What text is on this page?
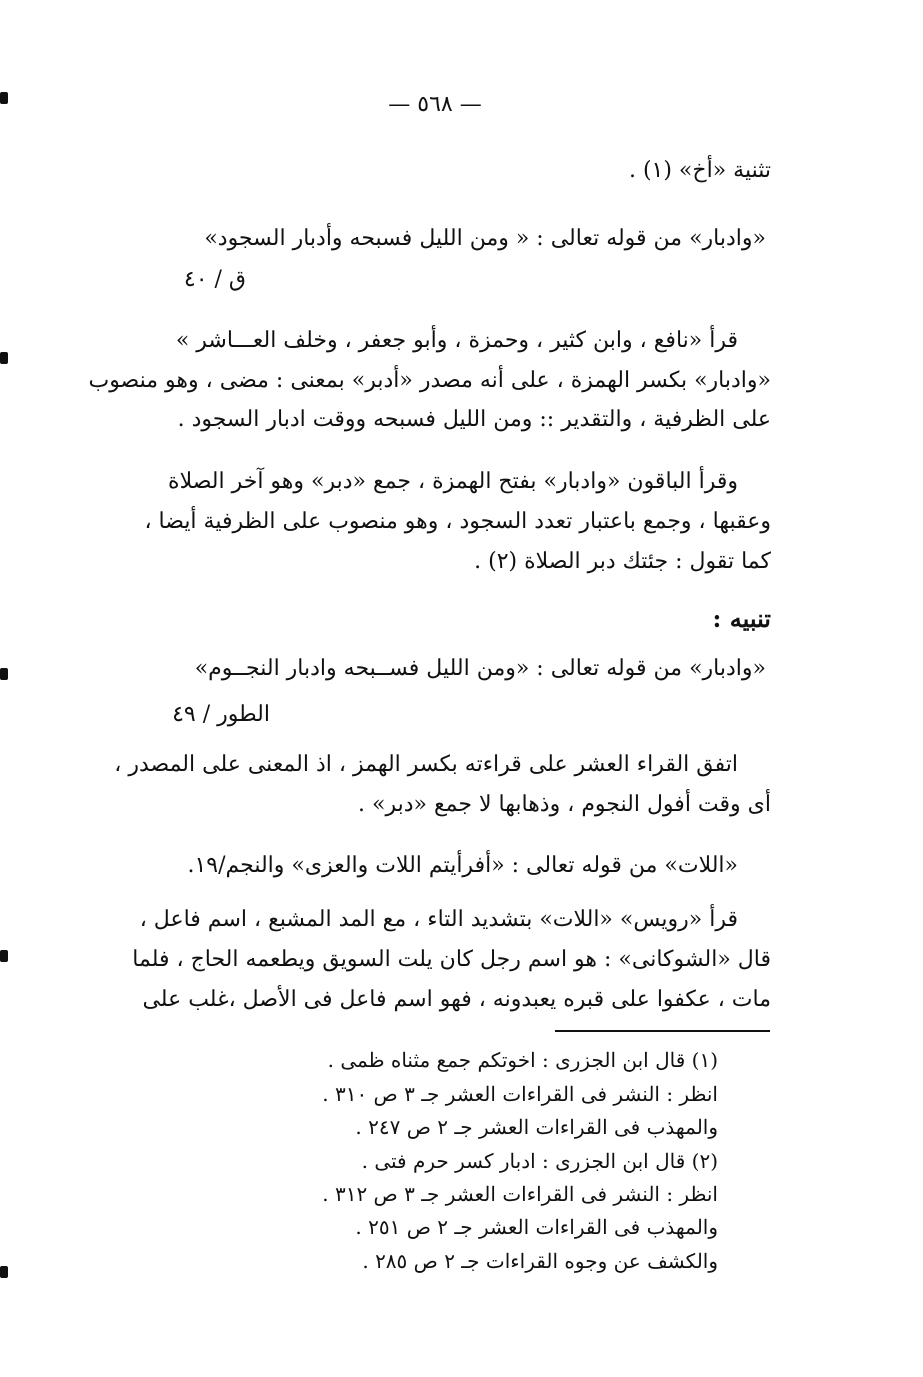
— ٥٦٨ —
تثنية «أخ» (١) .
«وادبار» من قوله تعالى : « ومن الليل فسبحه وأدبار السجود»
ق / ٤٠
قرأ «نافع ، وابن كثير ، وحمزة ، وأبو جعفر ، وخلف العـــاشر »
«وادبار» بكسر الهمزة ، على أنه مصدر «أدبر» بمعنى : مضى ، وهو منصوب
على الظرفية ، والتقدير :: ومن الليل فسبحه ووقت ادبار السجود .
وقرأ الباقون «وادبار» بفتح الهمزة ، جمع «دبر» وهو آخر الصلاة
وعقبها ، وجمع باعتبار تعدد السجود ، وهو منصوب على الظرفية أيضا ،
كما تقول : جئتك دبر الصلاة (٢) .
تنبيه :
«وادبار» من قوله تعالى : «ومن الليل فســبحه وادبار النجــوم»
الطور / ٤٩
اتفق القراء العشر على قراءته بكسر الهمز ، اذ المعنى على المصدر ،
أى وقت أفول النجوم ، وذهابها لا جمع «دبر» .
«اللات» من قوله تعالى : «أفرأيتم اللات والعزى» والنجم/١٩.
قرأ «رويس» «اللات» بتشديد التاء ، مع المد المشبع ، اسم فاعل ،
قال «الشوكانى» : هو اسم رجل كان يلت السويق ويطعمه الحاج ، فلما
مات ، عكفوا على قبره يعبدونه ، فهو اسم فاعل فى الأصل ،غلب على
(١) قال ابن الجزرى : اخوتكم جمع مثناه ظمى .
انظر : النشر فى القراءات العشر جـ ٣ ص ٣١٠ .
والمهذب فى القراءات العشر جـ ٢ ص ٢٤٧ .
(٢) قال ابن الجزرى : ادبار كسر حرم فتى .
انظر : النشر فى القراءات العشر جـ ٣ ص ٣١٢ .
والمهذب فى القراءات العشر جـ ٢ ص ٢٥١ .
والكشف عن وجوه القراءات جـ ٢ ص ٢٨٥ .
